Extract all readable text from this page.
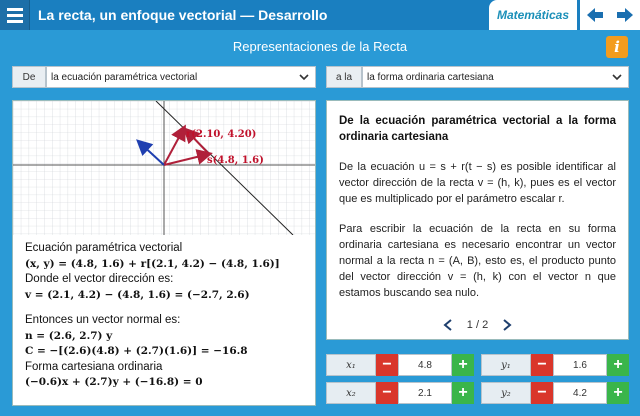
La recta, un enfoque vectorial — Desarrollo	Matemáticas
Representaciones de la Recta	i
De	la ecuación paramétrica vectorial	a la	la forma ordinaria cartesiana
r(2.10, 4.20)
s(4.8, 1.6)
Ecuación paramétrica vectorial
(x, y) = (4.8, 1.6) + r[(2.1, 4.2) − (4.8, 1.6)]
Donde el vector dirección es:
v = (2.1, 4.2) − (4.8, 1.6) = (−2.7, 2.6)
Entonces un vector normal es:
n = (2.6, 2.7) y
C = −[(2.6)(4.8) + (2.7)(1.6)] = −16.8
Forma cartesiana ordinaria
(−0.6)x + (2.7)y + (−16.8) = 0
De la ecuación paramétrica vectorial a la forma ordinaria cartesiana
De la ecuación u = s + r(t − s) es posible identificar al vector dirección de la recta v = (h, k), pues es el vector que es multiplicado por el parámetro escalar r.
Para escribir la ecuación de la recta en su forma ordinaria cartesiana es necesario encontrar un vector normal a la recta n = (A, B), esto es, el producto punto del vector dirección v = (h, k) con el vector n que estamos buscando sea nulo.
1 / 2
x₁	−	4.8	+	y₁	−	1.6	+
x₂	−	2.1	+	y₂	−	4.2	+
